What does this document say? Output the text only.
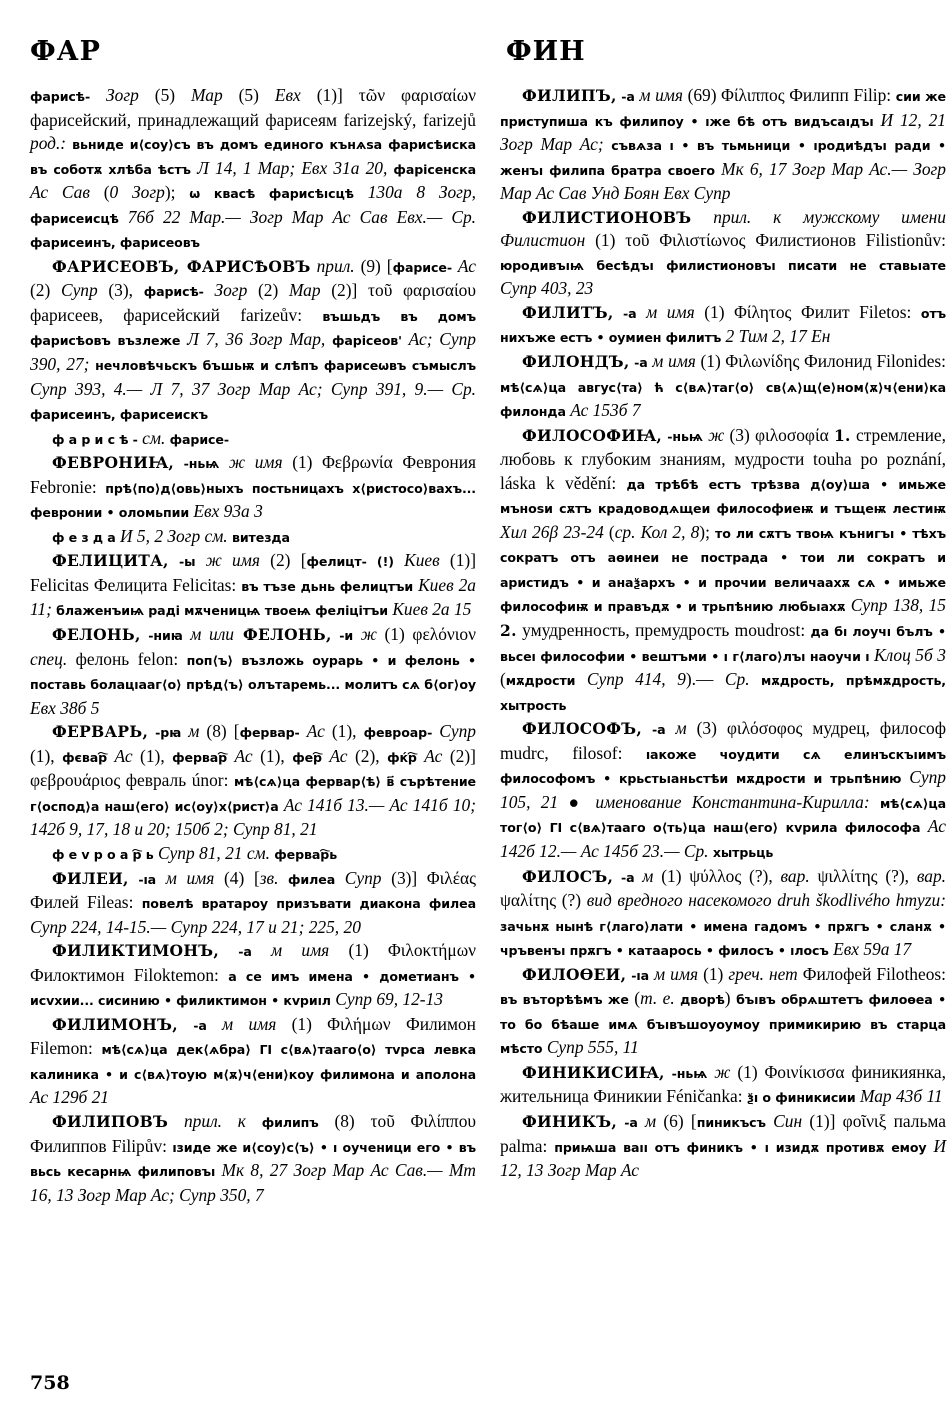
ФАР	ФИН

фарисѣ- Зогр (5) Мар (5) Евх (1)] τῶν φαρισαίων фарисейский, принадлежащий фарисеям farizejský, farizejů род.: вьниде и⟨соу⟩съ въ домъ единого кънѧѕа фарисѣиска въ соботѫ хлѣба ѣстъ Л 14, 1 Мар; Евх 31а 20, фарісенска Ас Сав (0 Зогр); ѡ квасѣ фарисѣıсцѣ 130а 8 Зогр, фарисеисцѣ 76б 22 Мар.— Зогр Мар Ас Сав Евх.— Ср. фарисеинъ, фарисеовъ

ФАРИСЕОВЪ, ФАРИСѢОВЪ прил. (9) [фарисе- Ас (2) Супр (3), фарисѣ- Зогр (2) Мар (2)] τοῦ φαρισαίου фарисеев, фарисейский farizeův: въшьдъ въ домъ фарисѣовъ възлеже Л 7, 36 Зогр Мар, фарісеов' Ас; Супр 390, 27; нечловѣчьскъ бъшьѭ и слѣпъ фарисеѡвъ съмыслъ Супр 393, 4.— Л 7, 37 Зогр Мар Ас; Супр 391, 9.— Ср. фарисеинъ, фарисеискъ

ф а р и с ѣ - см. фарисе-

ФЕВРОНИꙖ, -ньѩ ж имя (1) Φεβρωνία Феврония Febronie: прѣ⟨по⟩д⟨овь⟩ныхъ постьницахъ х⟨ристосо⟩вахъ... февронии • оломьпии Евх 93а 3

ф е з д а И 5, 2 Зогр см. витезда

ФЕЛИЦИТА, -ы ж имя (2) [фелицт- (!) Киев (1)] Felicitas Фелицита Felicitas: въ тъзе дьнь фелицтъи Киев 2а 11; блаженъиѩ раді мѫченицѩ твоеѩ феліцітъи Киев 2а 15

ФЕЛОНЬ, -ниꙗ м или ФЕЛОНЬ, -и ж (1) φελόνιον спец. фелонь felon: поп⟨ъ⟩ възложь оурарь • и фелонь • поставь болацıааг⟨о⟩ прѣд⟨ъ⟩ олътаремь... молитъ сѧ б⟨ог⟩оу Евх 38б 5

ФЕРВАРЬ, -рꙗ м (8) [фервар- Ас (1), февроар- Супр (1), фєвар҇ Ас (1), фервар҇ Ас (1), фер҇ Ас (2), фќр҇ Ас (2)] φεβρουάριος февраль únor: мѣ⟨сѧ⟩ца фервар⟨ѣ⟩ в҃ сърѣтение г⟨оспод⟩а наш⟨его⟩ ис⟨оу⟩х⟨рист⟩а Ас 141б 13.— Ас 141б 10; 142б 9, 17, 18 и 20; 150б 2; Супр 81, 21

ф е v р о а р҇ ь Супр 81, 21 см. фервар҇ь

ФИЛЕИ, -ıа м имя (4) [зв. филеа Супр (3)] Φιλέας Филей Fileas: повелѣ вратароу призъвати диакона филеа Супр 224, 14-15.— Супр 224, 17 и 21; 225, 20

ФИЛИКТИМОНЪ, -а м имя (1) Φιλοκτήμων Филоктимон Filoktemon: а се имъ имена • дометианъ • исvхии... сисинию • филиктимон • кvриıл Супр 69, 12-13

ФИЛИМОНЪ, -а м имя (1) Φιλήμων Филимон Filemon: мѣ⟨сѧ⟩ца дек⟨ѧбра⟩ ГІ с⟨вѧ⟩таагo⟨о⟩ тvрса левка калиника • и с⟨вѧ⟩тоую м⟨ѫ⟩ч⟨ени⟩коу филимона и аполона Ас 129б 21

ФИЛИПОВЪ прил. к филипъ (8) τοῦ Φιλίππου Филиппов Filipův: ıзиде же и⟨соу⟩с⟨ъ⟩ • ı оученици его • въ вьсь кесарнѩ филиповъı Мк 8, 27 Зогр Мар Ас Сав.— Мт 16, 13 Зогр Мар Ас; Супр 350, 7

ФИЛИПЪ, -а м имя (69) Φίλιππος Филипп Filip: сии же приступиша къ филипоу • ıже бѣ отъ видъсаıдъı И 12, 21 Зогр Мар Ас; съвѧза ı • въ тьмьници • ıродиѣдъı ради • женъı филипа братра своего Мк 6, 17 Зогр Мар Ас.— Зогр Мар Ас Сав Унд Боян Евх Супр

ФИЛИСТИОНОВЪ прил. к мужскому имени Филистион (1) τοῦ Φιλιστίωνος Филистионов Filistionův: юродивъıѩ бесѣдъı филистионовъı писати не ставьıате Супр 403, 23

ФИЛИТЪ, -а м имя (1) Φίλητος Филит Filetos: отъ нихъже естъ • оумиен филитъ 2 Тим 2, 17 Ен

ФИЛОНДЪ, -а м имя (1) Φιλωνίδης Филонид Filonides: мѣ⟨сѧ⟩ца авгус⟨та⟩ ћ с⟨вѧ⟩таг⟨о⟩ св⟨ѧ⟩щ⟨е⟩ном⟨ѫ⟩ч⟨ени⟩ка филонда Ас 153б 7

ФИЛОСОФИꙖ, -ньѩ ж (3) φιλοσοφία 1. стремление, любовь к глубоким знаниям, мудрости touha po poznání, láska k vědění: да трѣбѣ естъ трѣзва д⟨оу⟩ша • имьже мъноѕи сѫтъ крадоводѧщеи философиеѭ и тъщеѭ лестиѭ Хил 26β 23-24 (ср. Кол 2, 8); то ли сѫтъ твоѩ кънигъı • тѣхъ сократъ отъ аѳинеи не пострада • тои ли сократъ и аристидъ • и анаѯархъ • и прочии величаахѫ сѧ • имьже философиѭ и правъдѫ • и трьпѣнию любьıахѫ Супр 138, 15 2. умудренность, премудрость moudrost: да бı лоучı бълъ • вьсеı философии • вештъми • ı г⟨лаго⟩лъı наоучи ı Клоц 5б 3 (мѫдрости Супр 414, 9).— Ср. мѫдрость, прѣмѫдрость, хытрость

ФИЛОСОФЪ, -а м (3) φιλόσοφος мудрец, философ mudrc, filosof: ıакоже чоудити сѧ елинъскъıимъ философомъ • крьстьıаньстѣи мѫдрости и трьпѣнию Супр 105, 21 ● именование Константина-Кирилла: мѣ⟨сѧ⟩ца тог⟨о⟩ ГІ с⟨вѧ⟩тааго о⟨ть⟩ца наш⟨его⟩ кvрила философа Ас 142б 12.— Ас 145б 23.— Ср. хытрьць

ФИЛОСЪ, -а м (1) ψύλλος (?), вар. ψιλλίτης (?), вар. ψαλίτης (?) вид вредного насекомого druh škodlivého hmyzu: зачьнѫ нынѣ г⟨лаго⟩лати • имена гадомъ • прѫгъ • сланѫ • чръвенъı прѫгъ • катаарось • филосъ • ıлосъ Евх 59а 17

ФИЛОѲЕИ, -ıа м имя (1) греч. нет Филофей Filotheos: въ въторѣѣмъ же (т. е. дворѣ) бъıвъ обрѧштетъ филоѳеа • то бо бѣаше имѧ бъıвъшоуоумоу примикирию въ старца мѣсто Супр 555, 11

ФИНИКИСИꙖ, -ньѩ ж (1) Φοινίκισσα финикиянка, жительница Финикии Féničanka: ѯı о финикисии Мар 43б 11

ФИНИКЪ, -а м (6) [пиникъсъ Син (1)] φοῖνιξ пальма palma: приѩша ваıı отъ финикъ • ı изидѫ противѫ емоу И 12, 13 Зогр Мар Ас

758
